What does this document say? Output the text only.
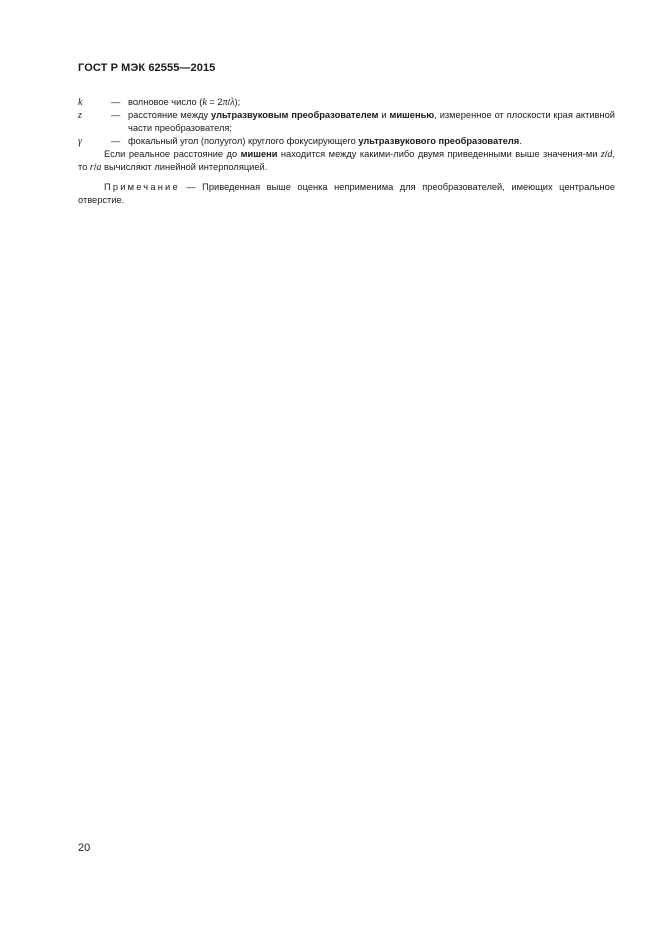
ГОСТ Р МЭК 62555—2015
k	— волновое число (k = 2π/λ);
z	— расстояние между ультразвуковым преобразователем и мишенью, измеренное от плоскости края активной части преобразователя;
γ	— фокальный угол (полуугол) круглого фокусирующего ультразвукового преобразователя.
Если реальное расстояние до мишени находится между какими-либо двумя приведенными выше значения-ми z/d, то r/a вычисляют линейной интерполяцией.
Примечание — Приведенная выше оценка неприменима для преобразователей, имеющих центральное отверстие.
20
